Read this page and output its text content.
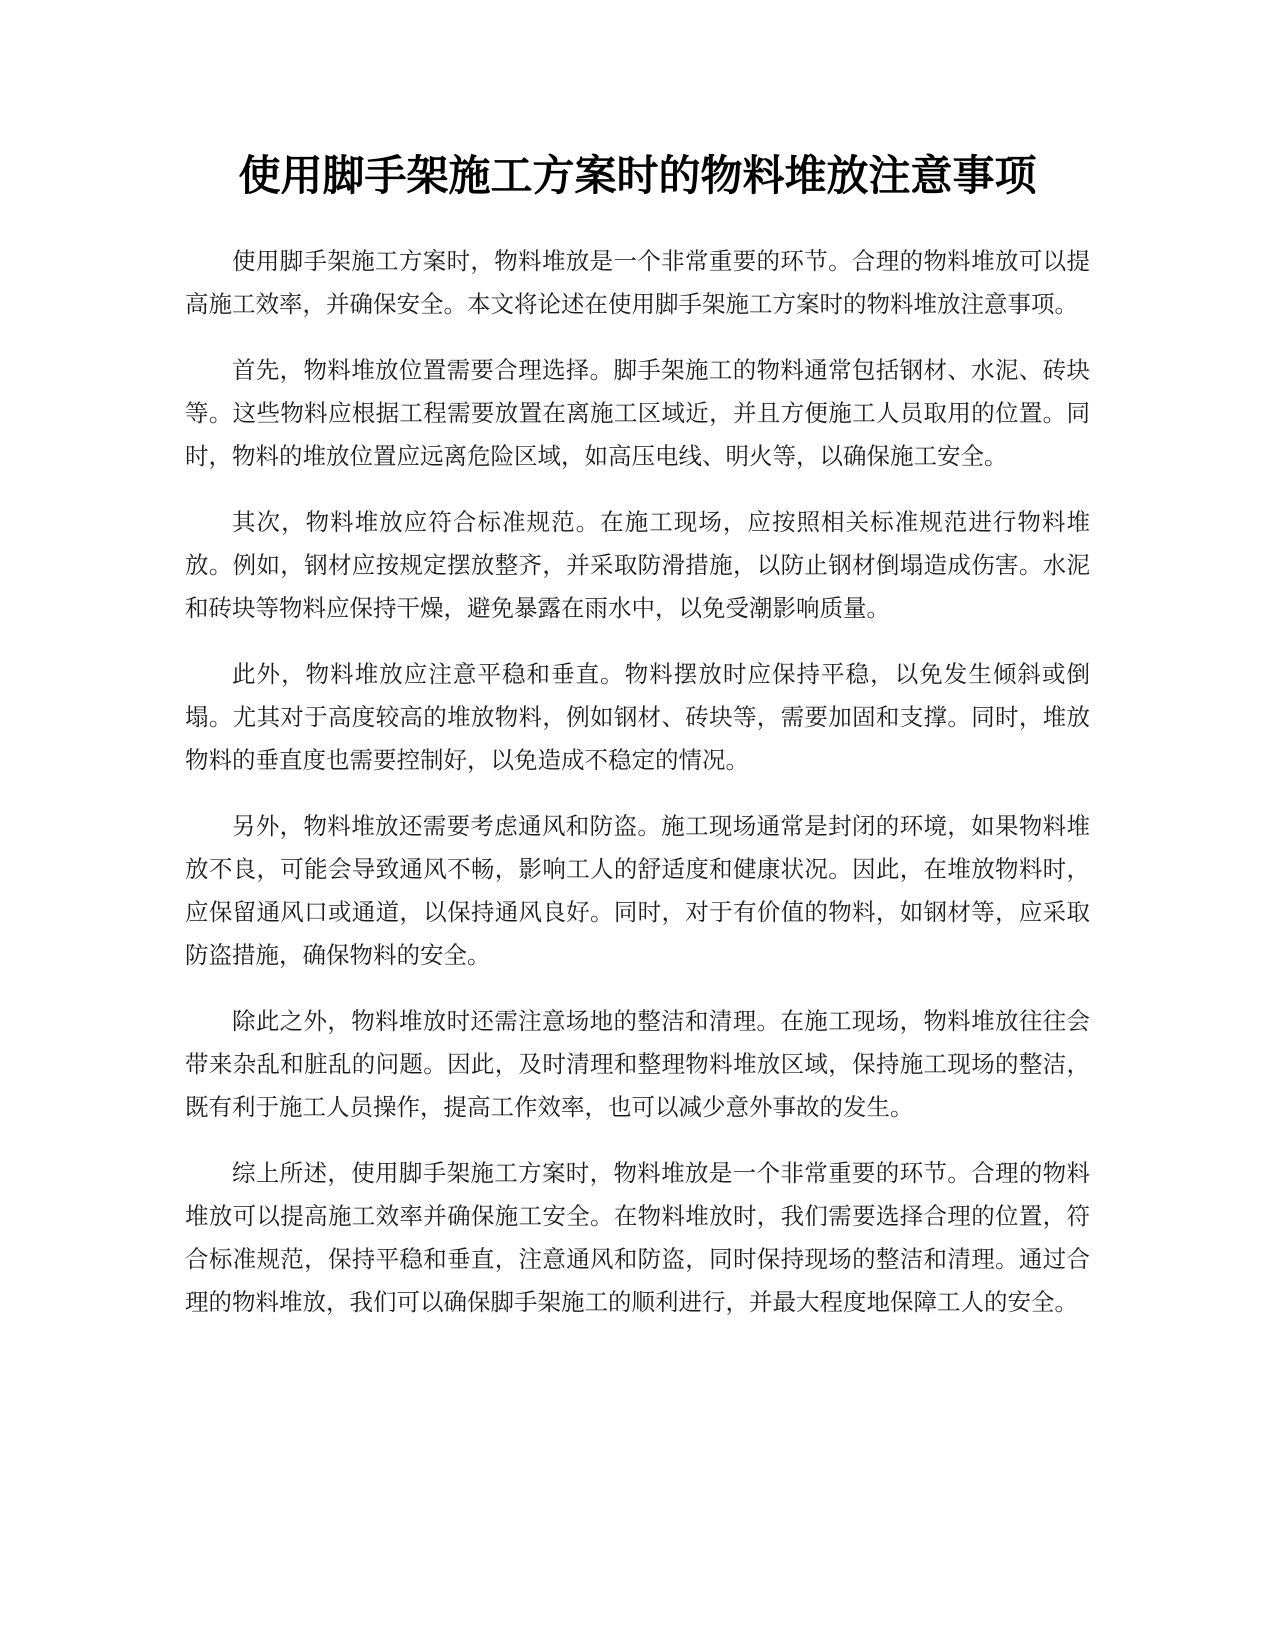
使用脚手架施工方案时的物料堆放注意事项

使用脚手架施工方案时，物料堆放是一个非常重要的环节。合理的物料堆放可以提高施工效率，并确保安全。本文将论述在使用脚手架施工方案时的物料堆放注意事项。

首先，物料堆放位置需要合理选择。脚手架施工的物料通常包括钢材、水泥、砖块等。这些物料应根据工程需要放置在离施工区域近，并且方便施工人员取用的位置。同时，物料的堆放位置应远离危险区域，如高压电线、明火等，以确保施工安全。

其次，物料堆放应符合标准规范。在施工现场，应按照相关标准规范进行物料堆放。例如，钢材应按规定摆放整齐，并采取防滑措施，以防止钢材倒塌造成伤害。水泥和砖块等物料应保持干燥，避免暴露在雨水中，以免受潮影响质量。

此外，物料堆放应注意平稳和垂直。物料摆放时应保持平稳，以免发生倾斜或倒塌。尤其对于高度较高的堆放物料，例如钢材、砖块等，需要加固和支撑。同时，堆放物料的垂直度也需要控制好，以免造成不稳定的情况。

另外，物料堆放还需要考虑通风和防盗。施工现场通常是封闭的环境，如果物料堆放不良，可能会导致通风不畅，影响工人的舒适度和健康状况。因此，在堆放物料时，应保留通风口或通道，以保持通风良好。同时，对于有价值的物料，如钢材等，应采取防盗措施，确保物料的安全。

除此之外，物料堆放时还需注意场地的整洁和清理。在施工现场，物料堆放往往会带来杂乱和脏乱的问题。因此，及时清理和整理物料堆放区域，保持施工现场的整洁，既有利于施工人员操作，提高工作效率，也可以减少意外事故的发生。

综上所述，使用脚手架施工方案时，物料堆放是一个非常重要的环节。合理的物料堆放可以提高施工效率并确保施工安全。在物料堆放时，我们需要选择合理的位置，符合标准规范，保持平稳和垂直，注意通风和防盗，同时保持现场的整洁和清理。通过合理的物料堆放，我们可以确保脚手架施工的顺利进行，并最大程度地保障工人的安全。
